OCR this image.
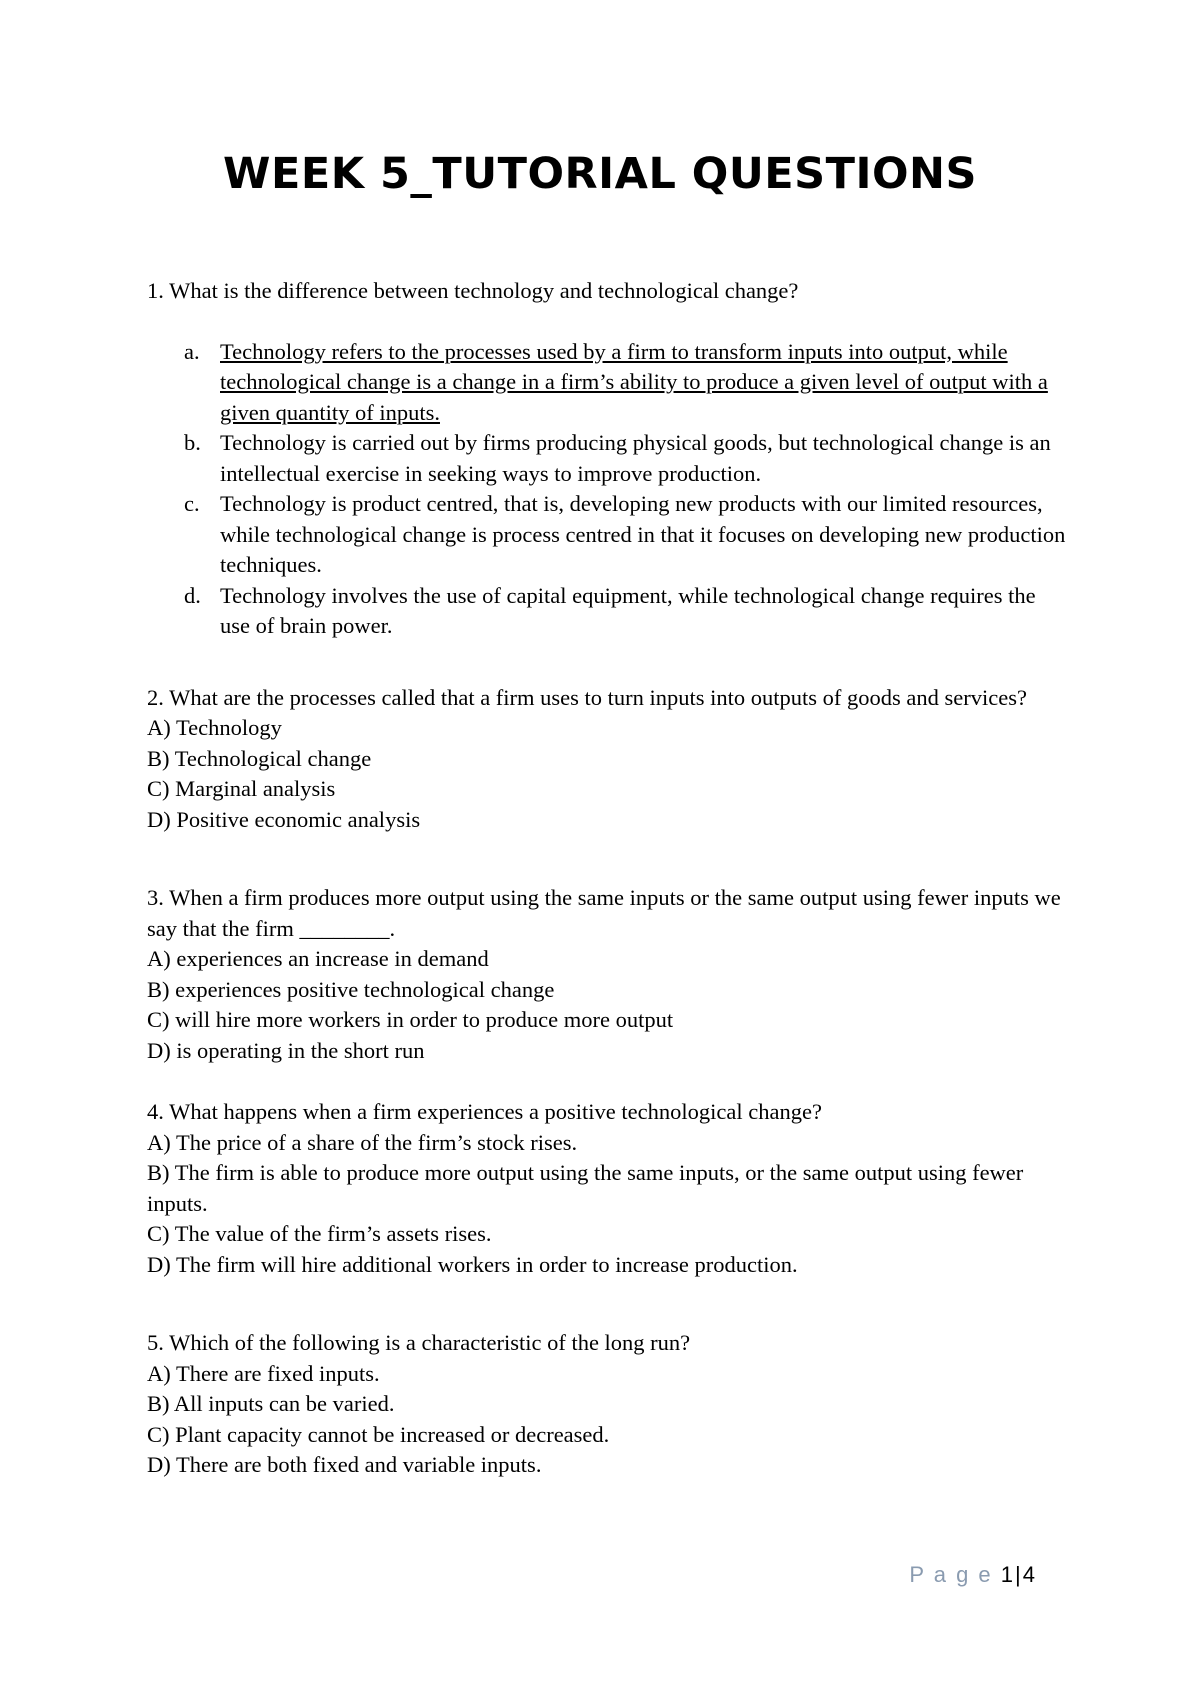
WEEK 5_TUTORIAL QUESTIONS

1. What is the difference between technology and technological change?

a. Technology refers to the processes used by a firm to transform inputs into output, while technological change is a change in a firm’s ability to produce a given level of output with a given quantity of inputs.
b. Technology is carried out by firms producing physical goods, but technological change is an intellectual exercise in seeking ways to improve production.
c. Technology is product centred, that is, developing new products with our limited resources, while technological change is process centred in that it focuses on developing new production techniques.
d. Technology involves the use of capital equipment, while technological change requires the use of brain power.

2. What are the processes called that a firm uses to turn inputs into outputs of goods and services?

A) Technology

B) Technological change

C) Marginal analysis

D) Positive economic analysis

3. When a firm produces more output using the same inputs or the same output using fewer inputs we say that the firm ________.

A) experiences an increase in demand

B) experiences positive technological change

C) will hire more workers in order to produce more output

D) is operating in the short run

4. What happens when a firm experiences a positive technological change?

A) The price of a share of the firm’s stock rises.

B) The firm is able to produce more output using the same inputs, or the same output using fewer inputs.

C) The value of the firm’s assets rises.

D) The firm will hire additional workers in order to increase production.

5. Which of the following is a characteristic of the long run?

A) There are fixed inputs.

B) All inputs can be varied.

C) Plant capacity cannot be increased or decreased.

D) There are both fixed and variable inputs.

P a g e 1|4
